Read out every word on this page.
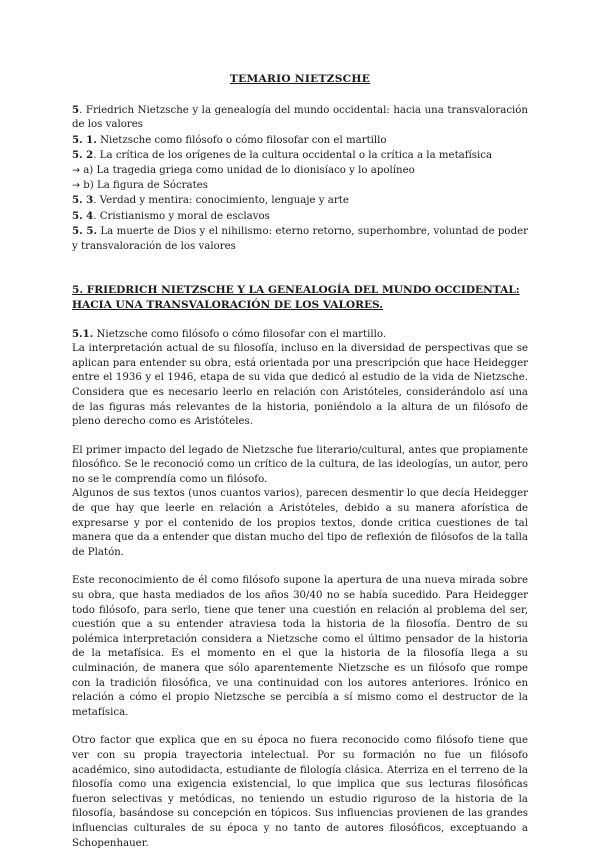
TEMARIO NIETZSCHE
5. Friedrich Nietzsche y la genealogía del mundo occidental: hacia una transvaloración de los valores
5. 1. Nietzsche como filósofo o cómo filosofar con el martillo
5. 2. La crítica de los orígenes de la cultura occidental o la crítica a la metafísica
→ a) La tragedia griega como unidad de lo dionisíaco y lo apolíneo
→ b) La figura de Sócrates
5. 3. Verdad y mentira: conocimiento, lenguaje y arte
5. 4. Cristianismo y moral de esclavos
5. 5. La muerte de Dios y el nihilismo: eterno retorno, superhombre, voluntad de poder y transvaloración de los valores
5. FRIEDRICH NIETZSCHE Y LA GENEALOGÍA DEL MUNDO OCCIDENTAL: HACIA UNA TRANSVALORACIÓN DE LOS VALORES.
5.1. Nietzsche como filósofo o cómo filosofar con el martillo.

La interpretación actual de su filosofía, incluso en la diversidad de perspectivas que se aplican para entender su obra, está orientada por una prescripción que hace Heidegger entre el 1936 y el 1946, etapa de su vida que dedicó al estudio de la vida de Nietzsche. Considera que es necesario leerlo en relación con Aristóteles, considerándolo así una de las figuras más relevantes de la historia, poniéndolo a la altura de un filósofo de pleno derecho como es Aristóteles.

El primer impacto del legado de Nietzsche fue literario/cultural, antes que propiamente filosófico. Se le reconoció como un crítico de la cultura, de las ideologías, un autor, pero no se le comprendía como un filósofo.

Algunos de sus textos (unos cuantos varios), parecen desmentir lo que decía Heidegger de que hay que leerle en relación a Aristóteles, debido a su manera aforística de expresarse y por el contenido de los propios textos, donde critica cuestiones de tal manera que da a entender que distan mucho del tipo de reflexión de filósofos de la talla de Platón.

Este reconocimiento de él como filósofo supone la apertura de una nueva mirada sobre su obra, que hasta mediados de los años 30/40 no se había sucedido. Para Heidegger todo filósofo, para serlo, tiene que tener una cuestión en relación al problema del ser, cuestión que a su entender atraviesa toda la historia de la filosofía. Dentro de su polémica interpretación considera a Nietzsche como el último pensador de la historia de la metafísica. Es el momento en el que la historia de la filosofía llega a su culminación, de manera que sólo aparentemente Nietzsche es un filósofo que rompe con la tradición filosófica, ve una continuidad con los autores anteriores. Irónico en relación a cómo el propio Nietzsche se percibía a sí mismo como el destructor de la metafísica.

Otro factor que explica que en su época no fuera reconocido como filósofo tiene que ver con su propia trayectoria intelectual. Por su formación no fue un filósofo académico, sino autodidacta, estudiante de filología clásica. Aterriza en el terreno de la filosofía como una exigencia existencial, lo que implica que sus lecturas filosóficas fueron selectivas y metódicas, no teniendo un estudio riguroso de la historia de la filosofía, basándose su concepción en tópicos. Sus influencias provienen de las grandes influencias culturales de su época y no tanto de autores filosóficos, exceptuando a Schopenhauer.
